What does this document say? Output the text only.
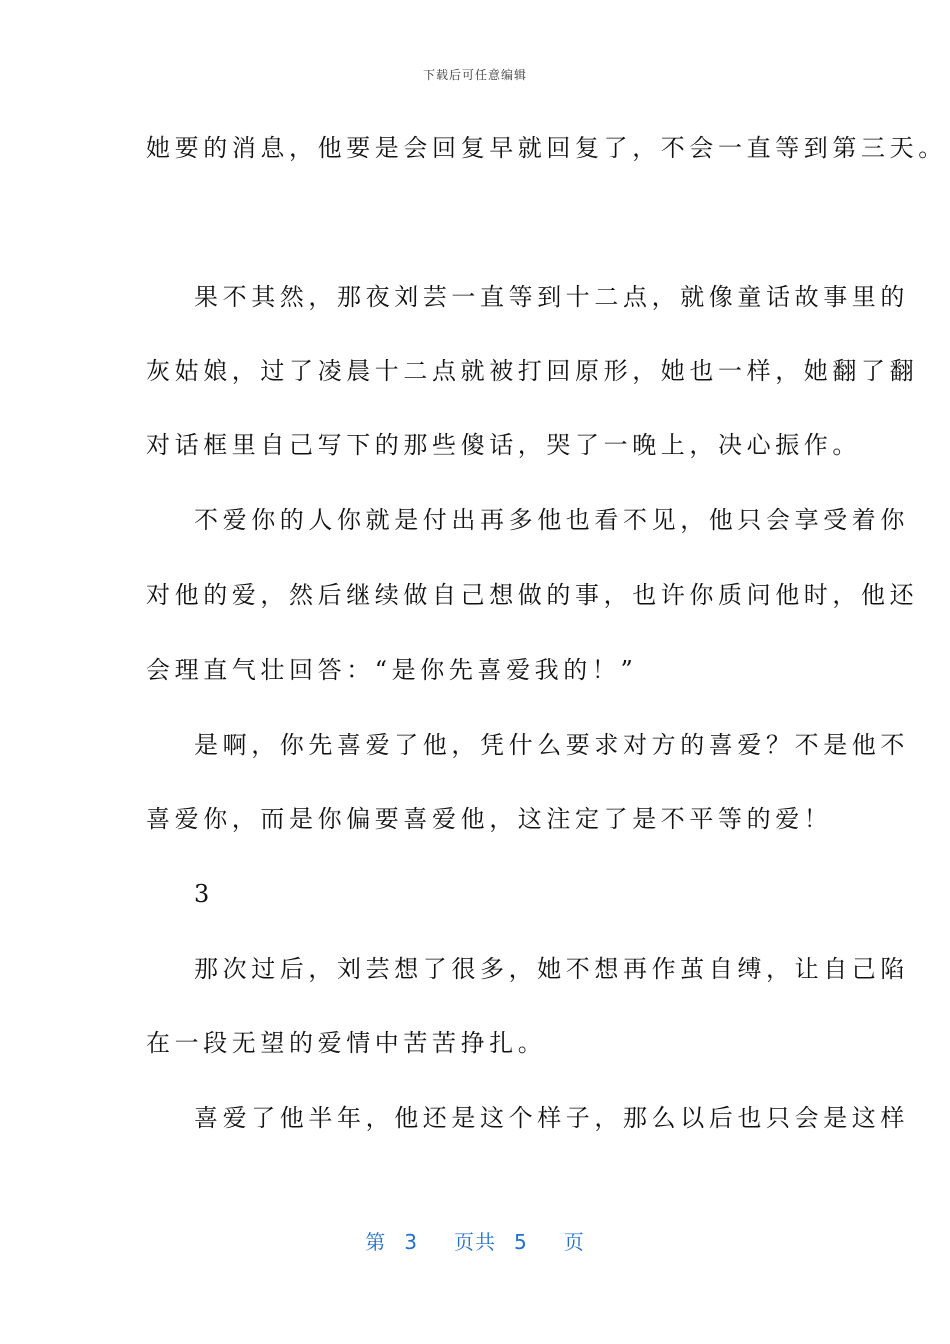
下载后可任意编辑
她要的消息，他要是会回复早就回复了，不会一直等到第三天。
果不其然，那夜刘芸一直等到十二点，就像童话故事里的
灰姑娘，过了凌晨十二点就被打回原形，她也一样，她翻了翻
对话框里自己写下的那些傻话，哭了一晚上，决心振作。
不爱你的人你就是付出再多他也看不见，他只会享受着你
对他的爱，然后继续做自己想做的事，也许你质问他时，他还
会理直气壮回答：“是你先喜爱我的！”
是啊，你先喜爱了他，凭什么要求对方的喜爱？不是他不
喜爱你，而是你偏要喜爱他，这注定了是不平等的爱！
3
那次过后，刘芸想了很多，她不想再作茧自缚，让自己陷
在一段无望的爱情中苦苦挣扎。
喜爱了他半年，他还是这个样子，那么以后也只会是这样
第 3 页共 5 页
